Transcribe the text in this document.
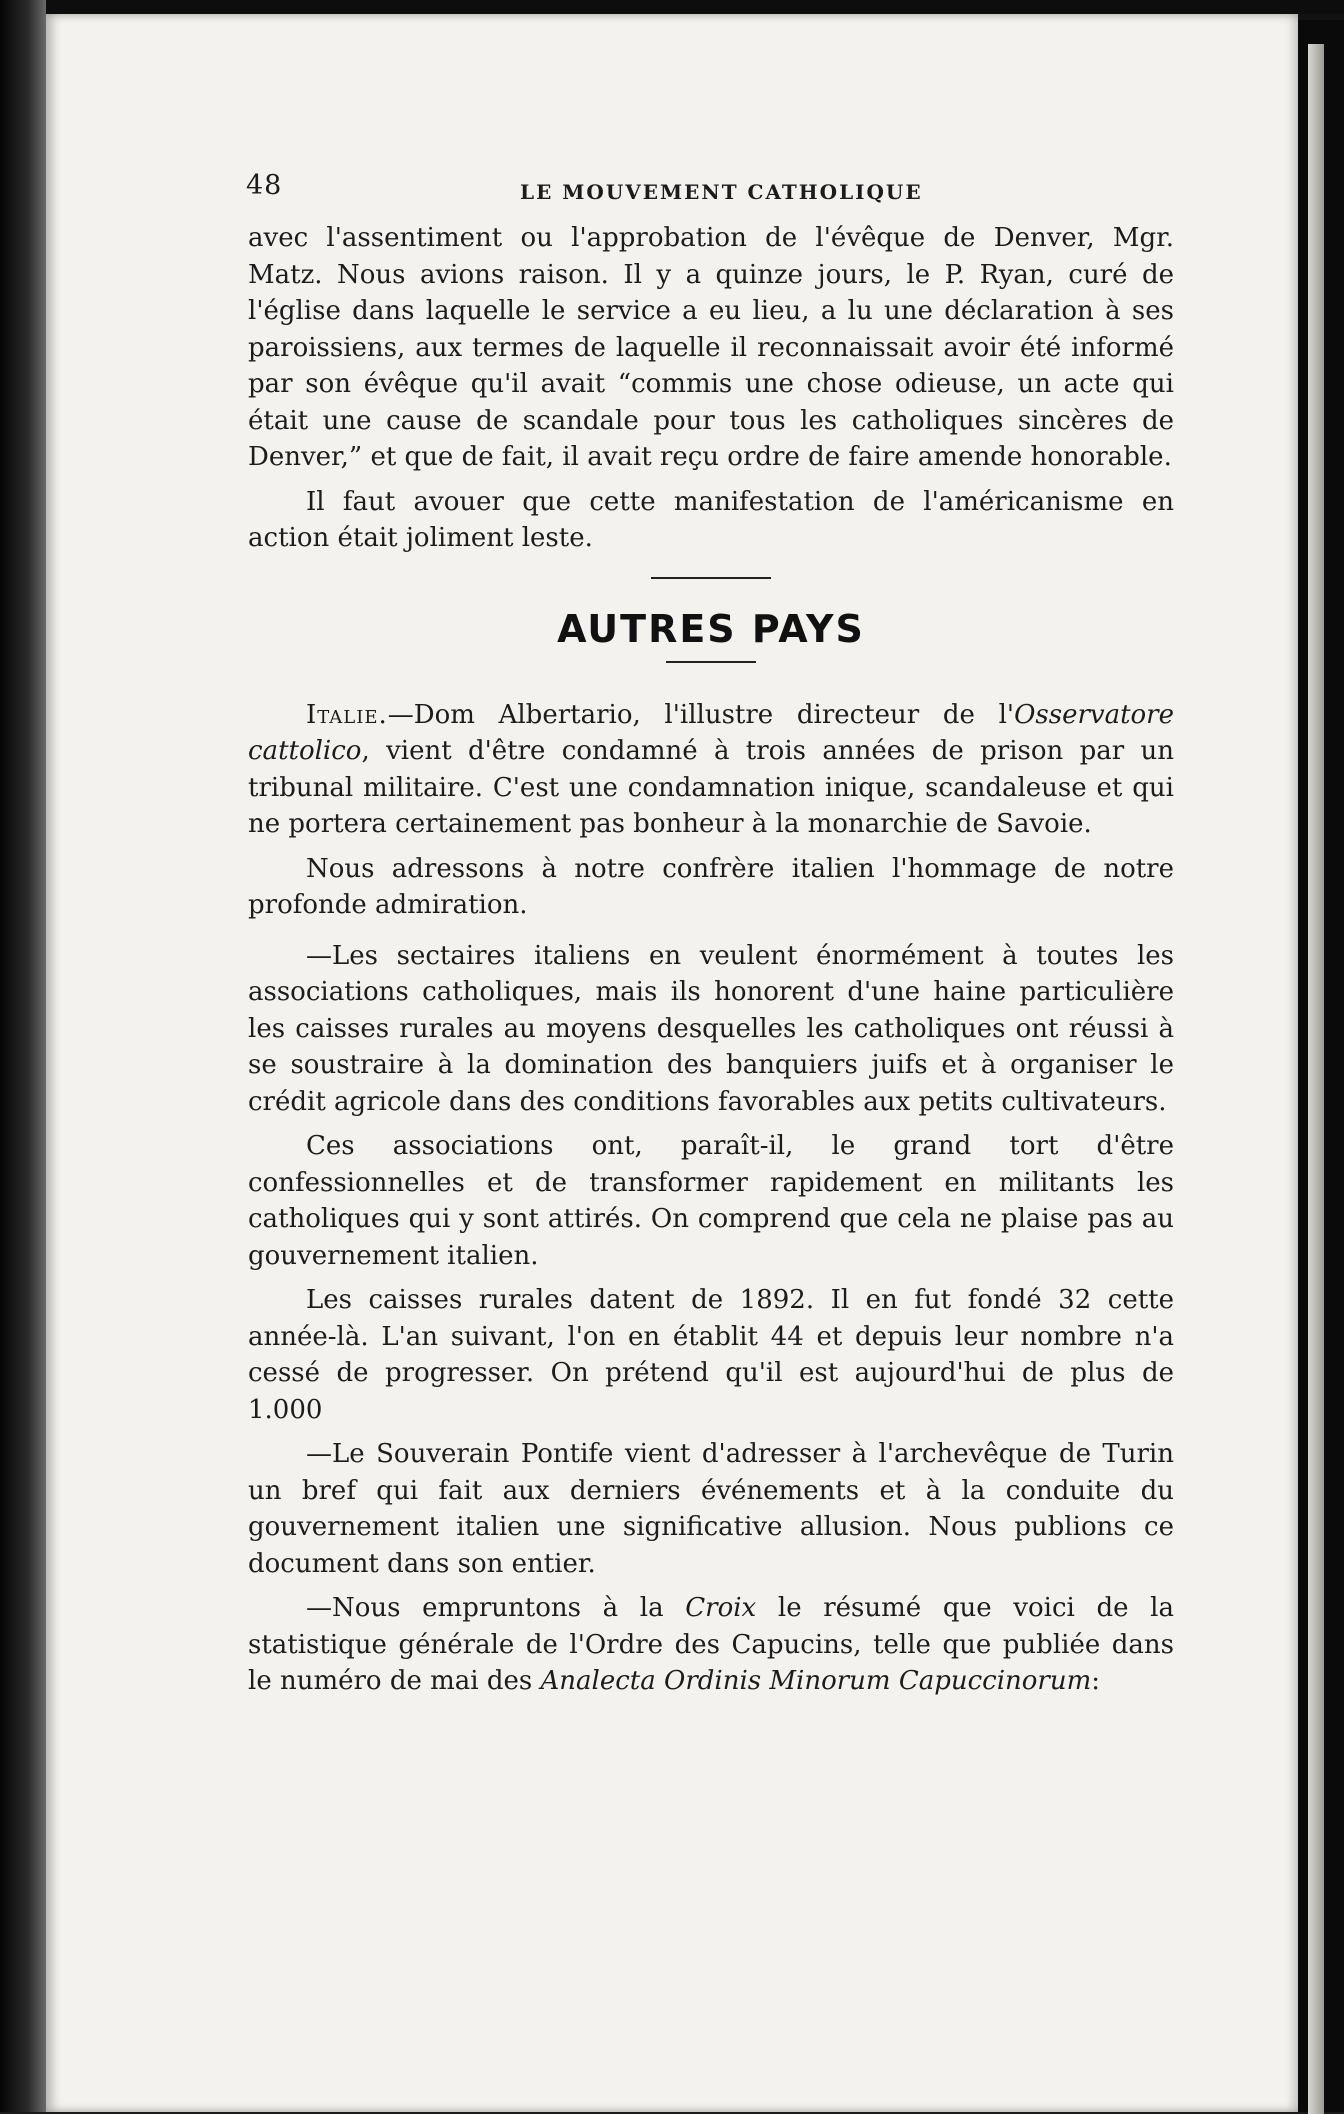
48	LE MOUVEMENT CATHOLIQUE

avec l'assentiment ou l'approbation de l'évêque de Denver, Mgr. Matz. Nous avions raison. Il y a quinze jours, le P. Ryan, curé de l'église dans laquelle le service a eu lieu, a lu une déclaration à ses paroissiens, aux termes de laquelle il reconnaissait avoir été informé par son évêque qu'il avait “commis une chose odieuse, un acte qui était une cause de scandale pour tous les catholiques sincères de Denver,” et que de fait, il avait reçu ordre de faire amende honorable.

Il faut avouer que cette manifestation de l'américanisme en action était joliment leste.

AUTRES PAYS

Italie.—Dom Albertario, l'illustre directeur de l'Osservatore cattolico, vient d'être condamné à trois années de prison par un tribunal militaire. C'est une condamnation inique, scandaleuse et qui ne portera certainement pas bonheur à la monarchie de Savoie.

Nous adressons à notre confrère italien l'hommage de notre profonde admiration.

—Les sectaires italiens en veulent énormément à toutes les associations catholiques, mais ils honorent d'une haine particulière les caisses rurales au moyens desquelles les catholiques ont réussi à se soustraire à la domination des banquiers juifs et à organiser le crédit agricole dans des conditions favorables aux petits cultivateurs.

Ces associations ont, paraît-il, le grand tort d'être confessionnelles et de transformer rapidement en militants les catholiques qui y sont attirés. On comprend que cela ne plaise pas au gouvernement italien.

Les caisses rurales datent de 1892. Il en fut fondé 32 cette année-là. L'an suivant, l'on en établit 44 et depuis leur nombre n'a cessé de progresser. On prétend qu'il est aujourd'hui de plus de 1.000

—Le Souverain Pontife vient d'adresser à l'archevêque de Turin un bref qui fait aux derniers événements et à la conduite du gouvernement italien une significative allusion. Nous publions ce document dans son entier.

—Nous empruntons à la Croix le résumé que voici de la statistique générale de l'Ordre des Capucins, telle que publiée dans le numéro de mai des Analecta Ordinis Minorum Capuccinorum:
